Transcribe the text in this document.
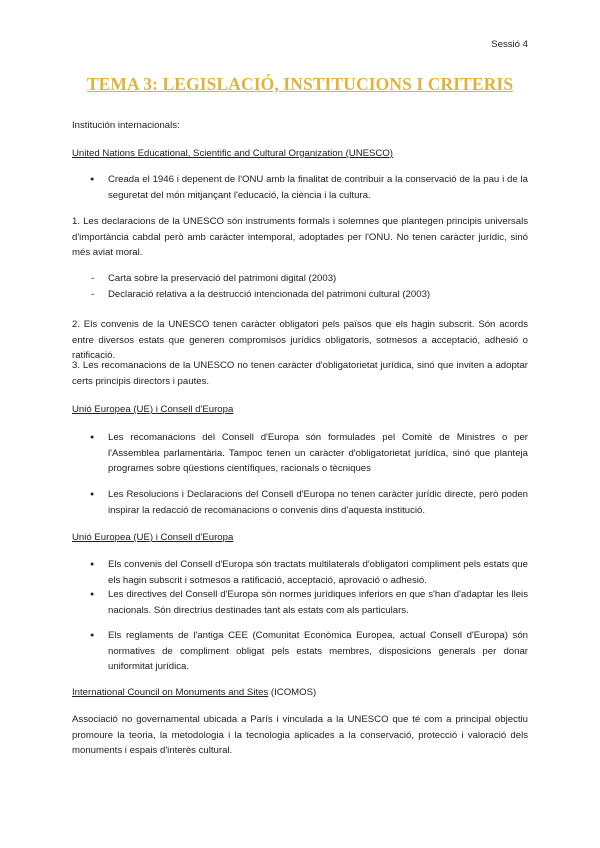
Sessió 4
TEMA 3: LEGISLACIÓ, INSTITUCIONS I CRITERIS
Institución internacionals:
United Nations Educational, Scientific and Cultural Organization (UNESCO)
● Creada el 1946 i depenent de l'ONU amb la finalitat de contribuir a la conservació de la pau i de la seguretat del món mitjançant l'educació, la ciència i la cultura.
1. Les declaracions de la UNESCO són instruments formals i solemnes que plantegen principis universals d'importància cabdal però amb caràcter intemporal, adoptades per l'ONU. No tenen caràcter jurídic, sinó més aviat moral.
- Carta sobre la preservació del patrimoni digital (2003)
- Declaració relativa a la destrucció intencionada del patrimoni cultural (2003)
2. Els convenis de la UNESCO tenen caràcter obligatori pels països que els hagin subscrit. Són acords entre diversos estats que generen compromisos jurídics obligatoris, sotmesos a acceptació, adhesió o ratificació.
3. Les recomanacions de la UNESCO no tenen caràcter d'obligatorietat jurídica, sinó que inviten a adoptar certs principis directors i pautes.
Unió Europea (UE) i Consell d'Europa
● Les recomanacions del Consell d'Europa són formulades pel Comitè de Ministres o per l'Assemblea parlamentària. Tampoc tenen un caràcter d'obligatorietat jurídica, sinó que planteja programes sobre qüestions científiques, racionals o tècniques
● Les Resolucions i Declaracions del Consell d'Europa no tenen caràcter jurídic directe, però poden inspirar la redacció de recomanacions o convenis dins d'aquesta institució.
Unió Europea (UE) i Consell d'Europa
● Els convenis del Consell d'Europa són tractats multilaterals d'obligatori compliment pels estats que els hagin subscrit i sotmesos a ratificació, acceptació, aprovació o adhesió.
● Les directives del Consell d'Europa són normes jurídiques inferiors en que s'han d'adaptar les lleis nacionals. Són directrius destinades tant als estats com als particulars.
● Els reglaments de l'antiga CEE (Comunitat Econòmica Europea, actual Consell d'Europa) són normatives de compliment obligat pels estats membres, disposicions generals per donar uniformitat jurídica.
International Council on Monuments and Sites (ICOMOS)
Associació no governamental ubicada a París i vinculada a la UNESCO que té com a principal objectiu promoure la teoria, la metodologia i la tecnologia aplicades a la conservació, protecció i valoració dels monuments i espais d'interès cultural.
